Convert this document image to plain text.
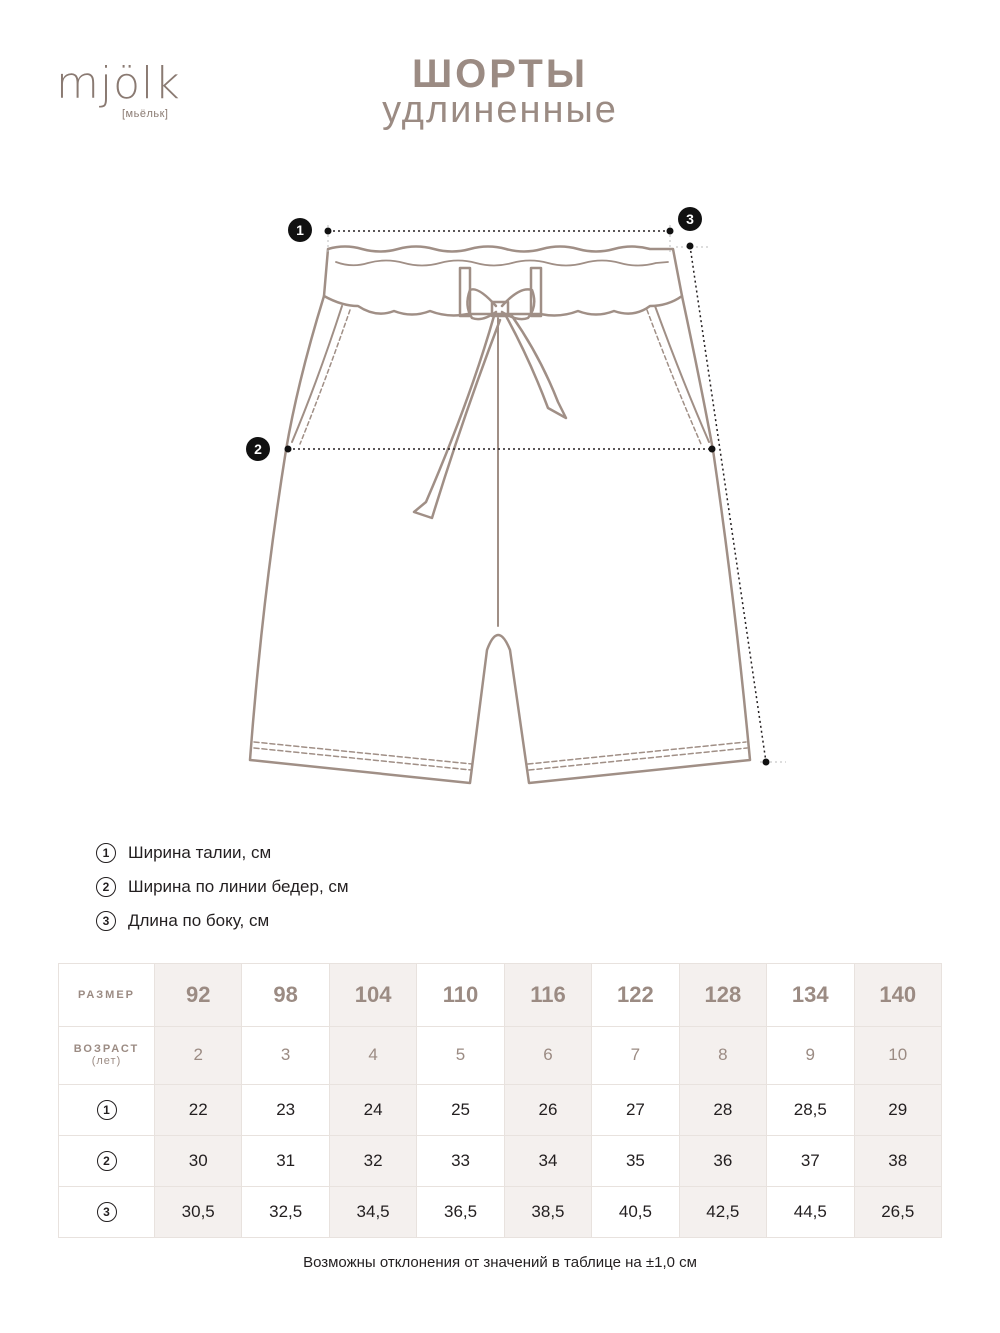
mjölk
[мьёльк]
ШОРТЫ
удлиненные
1
2
3
1	Ширина талии, см
2	Ширина по линии бедер, см
3	Длина по боку, см
РАЗМЕР	92	98	104	110	116	122	128	134	140

ВОЗРАСТ
(лет)	2	3	4	5	6	7	8	9	10
1	22	23	24	25	26	27	28	28,5	29
2	30	31	32	33	34	35	36	37	38
3	30,5	32,5	34,5	36,5	38,5	40,5	42,5	44,5	26,5
Возможны отклонения от значений в таблице на ±1,0 см
